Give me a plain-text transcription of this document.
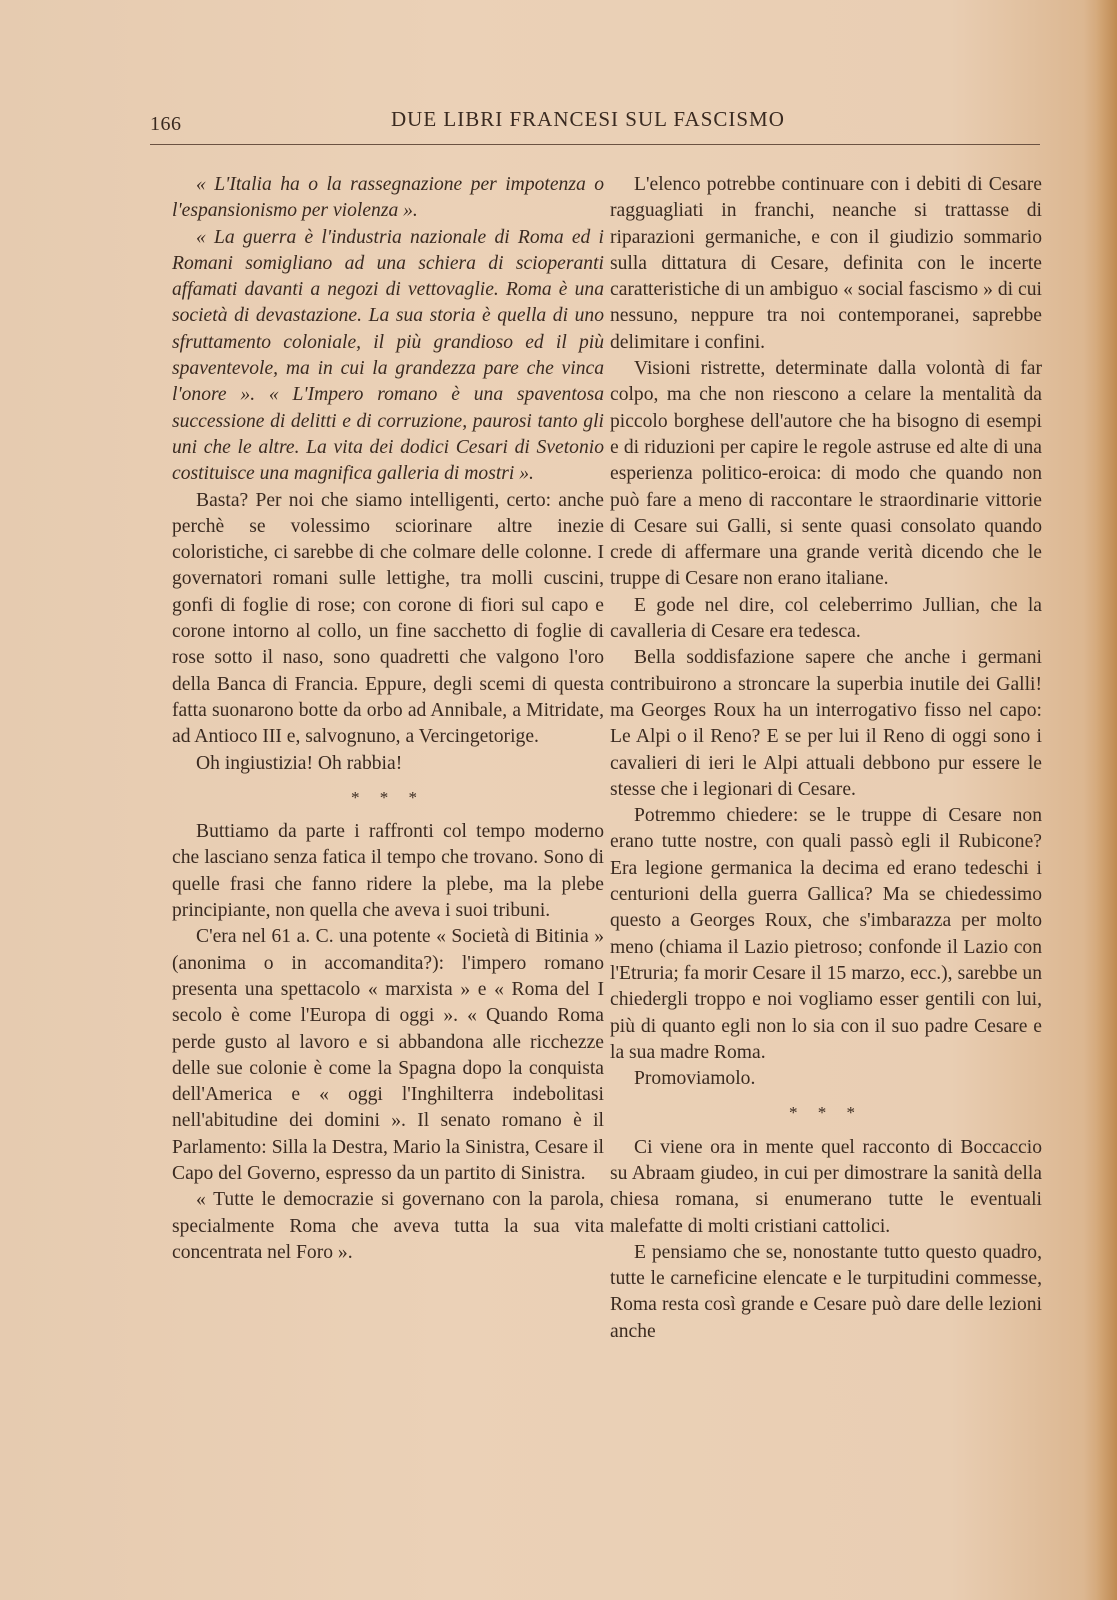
166	DUE LIBRI FRANCESI SUL FASCISMO

« L'Italia ha o la rassegnazione per impotenza o l'espansionismo per violenza ».

« La guerra è l'industria nazionale di Roma ed i Romani somigliano ad una schiera di scioperanti affamati davanti a negozi di vettovaglie. Roma è una società di devastazione. La sua storia è quella di uno sfruttamento coloniale, il più grandioso ed il più spaventevole, ma in cui la grandezza pare che vinca l'onore ». « L'Impero romano è una spaventosa successione di delitti e di corruzione, paurosi tanto gli uni che le altre. La vita dei dodici Cesari di Svetonio costituisce una magnifica galleria di mostri ».

Basta? Per noi che siamo intelligenti, certo: anche perchè se volessimo sciorinare altre inezie coloristiche, ci sarebbe di che colmare delle colonne. I governatori romani sulle lettighe, tra molli cuscini, gonfi di foglie di rose; con corone di fiori sul capo e corone intorno al collo, un fine sacchetto di foglie di rose sotto il naso, sono quadretti che valgono l'oro della Banca di Francia. Eppure, degli scemi di questa fatta suonarono botte da orbo ad Annibale, a Mitridate, ad Antioco III e, salvognuno, a Vercingetorige.

Oh ingiustizia! Oh rabbia!

* * *

Buttiamo da parte i raffronti col tempo moderno che lasciano senza fatica il tempo che trovano. Sono di quelle frasi che fanno ridere la plebe, ma la plebe principiante, non quella che aveva i suoi tribuni.

C'era nel 61 a. C. una potente « Società di Bitinia » (anonima o in accomandita?): l'impero romano presenta una spettacolo « marxista » e « Roma del I secolo è come l'Europa di oggi ». « Quando Roma perde gusto al lavoro e si abbandona alle ricchezze delle sue colonie è come la Spagna dopo la conquista dell'America e « oggi l'Inghilterra indebolitasi nell'abitudine dei domini ». Il senato romano è il Parlamento: Silla la Destra, Mario la Sinistra, Cesare il Capo del Governo, espresso da un partito di Sinistra.

« Tutte le democrazie si governano con la parola, specialmente Roma che aveva tutta la sua vita concentrata nel Foro ».

L'elenco potrebbe continuare con i debiti di Cesare ragguagliati in franchi, neanche si trattasse di riparazioni germaniche, e con il giudizio sommario sulla dittatura di Cesare, definita con le incerte caratteristiche di un ambiguo « social fascismo » di cui nessuno, neppure tra noi contemporanei, saprebbe delimitare i confini.

Visioni ristrette, determinate dalla volontà di far colpo, ma che non riescono a celare la mentalità da piccolo borghese dell'autore che ha bisogno di esempi e di riduzioni per capire le regole astruse ed alte di una esperienza politico-eroica: di modo che quando non può fare a meno di raccontare le straordinarie vittorie di Cesare sui Galli, si sente quasi consolato quando crede di affermare una grande verità dicendo che le truppe di Cesare non erano italiane.

E gode nel dire, col celeberrimo Jullian, che la cavalleria di Cesare era tedesca.

Bella soddisfazione sapere che anche i germani contribuirono a stroncare la superbia inutile dei Galli! ma Georges Roux ha un interrogativo fisso nel capo: Le Alpi o il Reno? E se per lui il Reno di oggi sono i cavalieri di ieri le Alpi attuali debbono pur essere le stesse che i legionari di Cesare.

Potremmo chiedere: se le truppe di Cesare non erano tutte nostre, con quali passò egli il Rubicone? Era legione germanica la decima ed erano tedeschi i centurioni della guerra Gallica? Ma se chiedessimo questo a Georges Roux, che s'imbarazza per molto meno (chiama il Lazio pietroso; confonde il Lazio con l'Etruria; fa morir Cesare il 15 marzo, ecc.), sarebbe un chiedergli troppo e noi vogliamo esser gentili con lui, più di quanto egli non lo sia con il suo padre Cesare e la sua madre Roma.

Promoviamolo.

* * *

Ci viene ora in mente quel racconto di Boccaccio su Abraam giudeo, in cui per dimostrare la sanità della chiesa romana, si enumerano tutte le eventuali malefatte di molti cristiani cattolici.

E pensiamo che se, nonostante tutto questo quadro, tutte le carneficine elencate e le turpitudini commesse, Roma resta così grande e Cesare può dare delle lezioni anche
